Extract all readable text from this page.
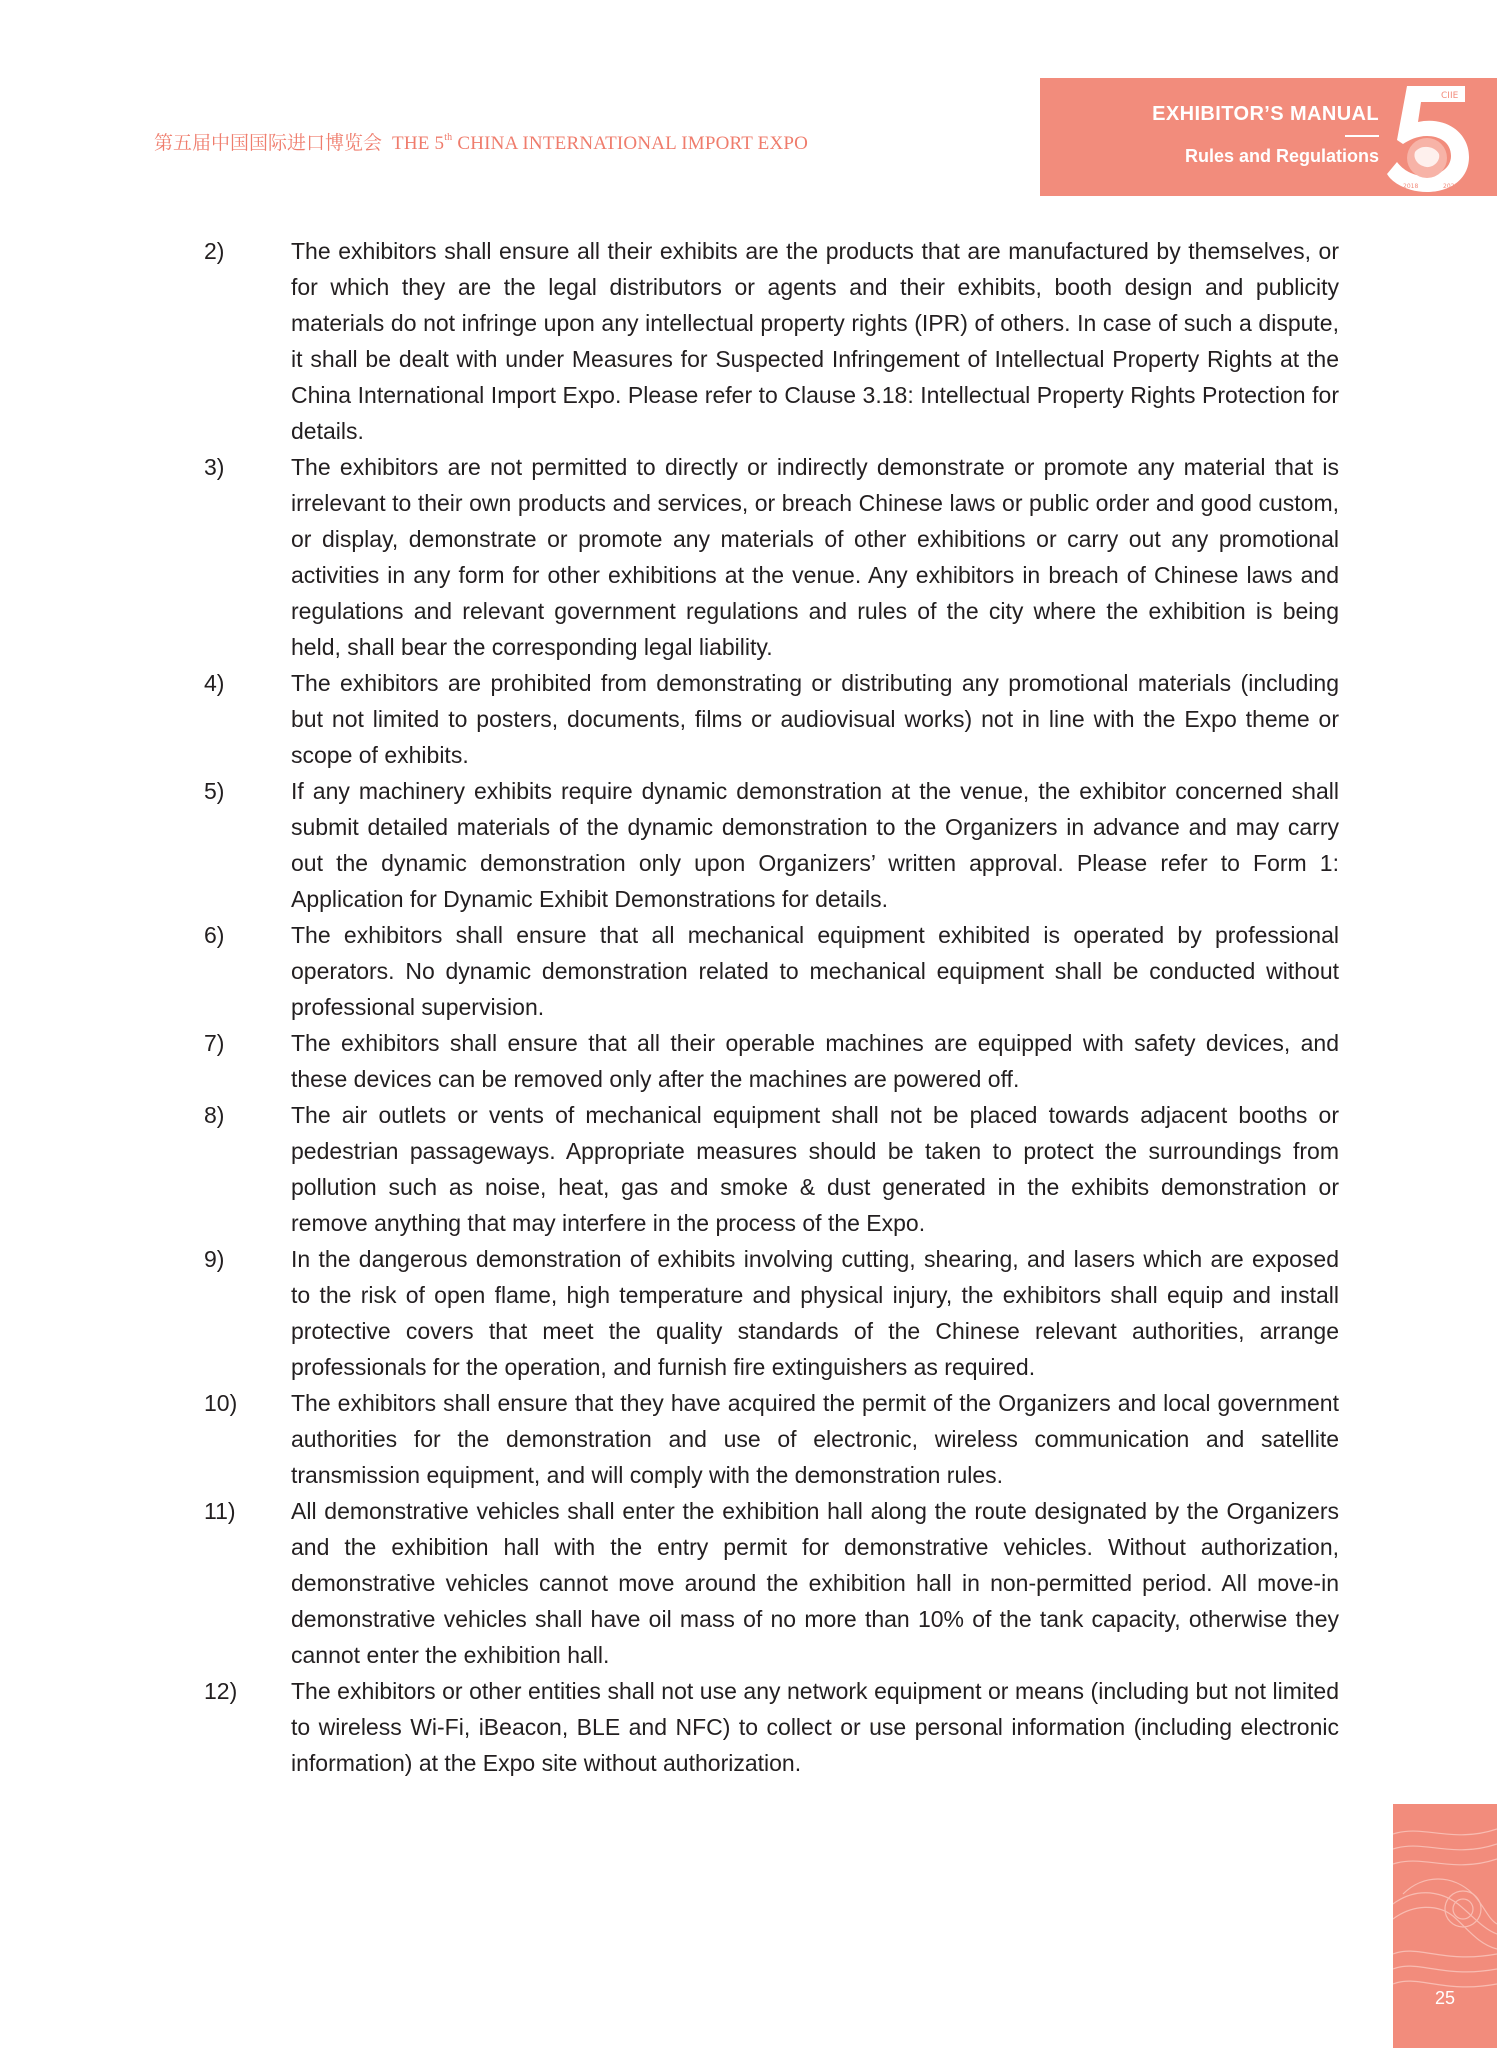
第五届中国国际进口博览会 THE 5th CHINA INTERNATIONAL IMPORT EXPO
EXHIBITOR’S MANUAL
Rules and Regulations
CIIE
2018	2022
2)	The exhibitors shall ensure all their exhibits are the products that are manufactured by themselves, or for which they are the legal distributors or agents and their exhibits, booth design and publicity materials do not infringe upon any intellectual property rights (IPR) of others. In case of such a dispute, it shall be dealt with under Measures for Suspected Infringement of Intellectual Property Rights at the China International Import Expo. Please refer to Clause 3.18: Intellectual Property Rights Protection for details.
3)	The exhibitors are not permitted to directly or indirectly demonstrate or promote any material that is irrelevant to their own products and services, or breach Chinese laws or public order and good custom, or display, demonstrate or promote any materials of other exhibitions or carry out any promotional activities in any form for other exhibitions at the venue. Any exhibitors in breach of Chinese laws and regulations and relevant government regulations and rules of the city where the exhibition is being held, shall bear the corresponding legal liability.
4)	The exhibitors are prohibited from demonstrating or distributing any promotional materials (including but not limited to posters, documents, films or audiovisual works) not in line with the Expo theme or scope of exhibits.
5)	If any machinery exhibits require dynamic demonstration at the venue, the exhibitor concerned shall submit detailed materials of the dynamic demonstration to the Organizers in advance and may carry out the dynamic demonstration only upon Organizers’ written approval. Please refer to Form 1: Application for Dynamic Exhibit Demonstrations for details.
6)	The exhibitors shall ensure that all mechanical equipment exhibited is operated by professional operators. No dynamic demonstration related to mechanical equipment shall be conducted without professional supervision.
7)	The exhibitors shall ensure that all their operable machines are equipped with safety devices, and these devices can be removed only after the machines are powered off.
8)	The air outlets or vents of mechanical equipment shall not be placed towards adjacent booths or pedestrian passageways. Appropriate measures should be taken to protect the surroundings from pollution such as noise, heat, gas and smoke & dust generated in the exhibits demonstration or remove anything that may interfere in the process of the Expo.
9)	In the dangerous demonstration of exhibits involving cutting, shearing, and lasers which are exposed to the risk of open flame, high temperature and physical injury, the exhibitors shall equip and install protective covers that meet the quality standards of the Chinese relevant authorities, arrange professionals for the operation, and furnish fire extinguishers as required.
10) The exhibitors shall ensure that they have acquired the permit of the Organizers and local government authorities for the demonstration and use of electronic, wireless communication and satellite transmission equipment, and will comply with the demonstration rules.
11) All demonstrative vehicles shall enter the exhibition hall along the route designated by the Organizers and the exhibition hall with the entry permit for demonstrative vehicles. Without authorization, demonstrative vehicles cannot move around the exhibition hall in non-permitted period. All move-in demonstrative vehicles shall have oil mass of no more than 10% of the tank capacity, otherwise they cannot enter the exhibition hall.
12) The exhibitors or other entities shall not use any network equipment or means (including but not limited to wireless Wi-Fi, iBeacon, BLE and NFC) to collect or use personal information (including electronic information) at the Expo site without authorization.
25
